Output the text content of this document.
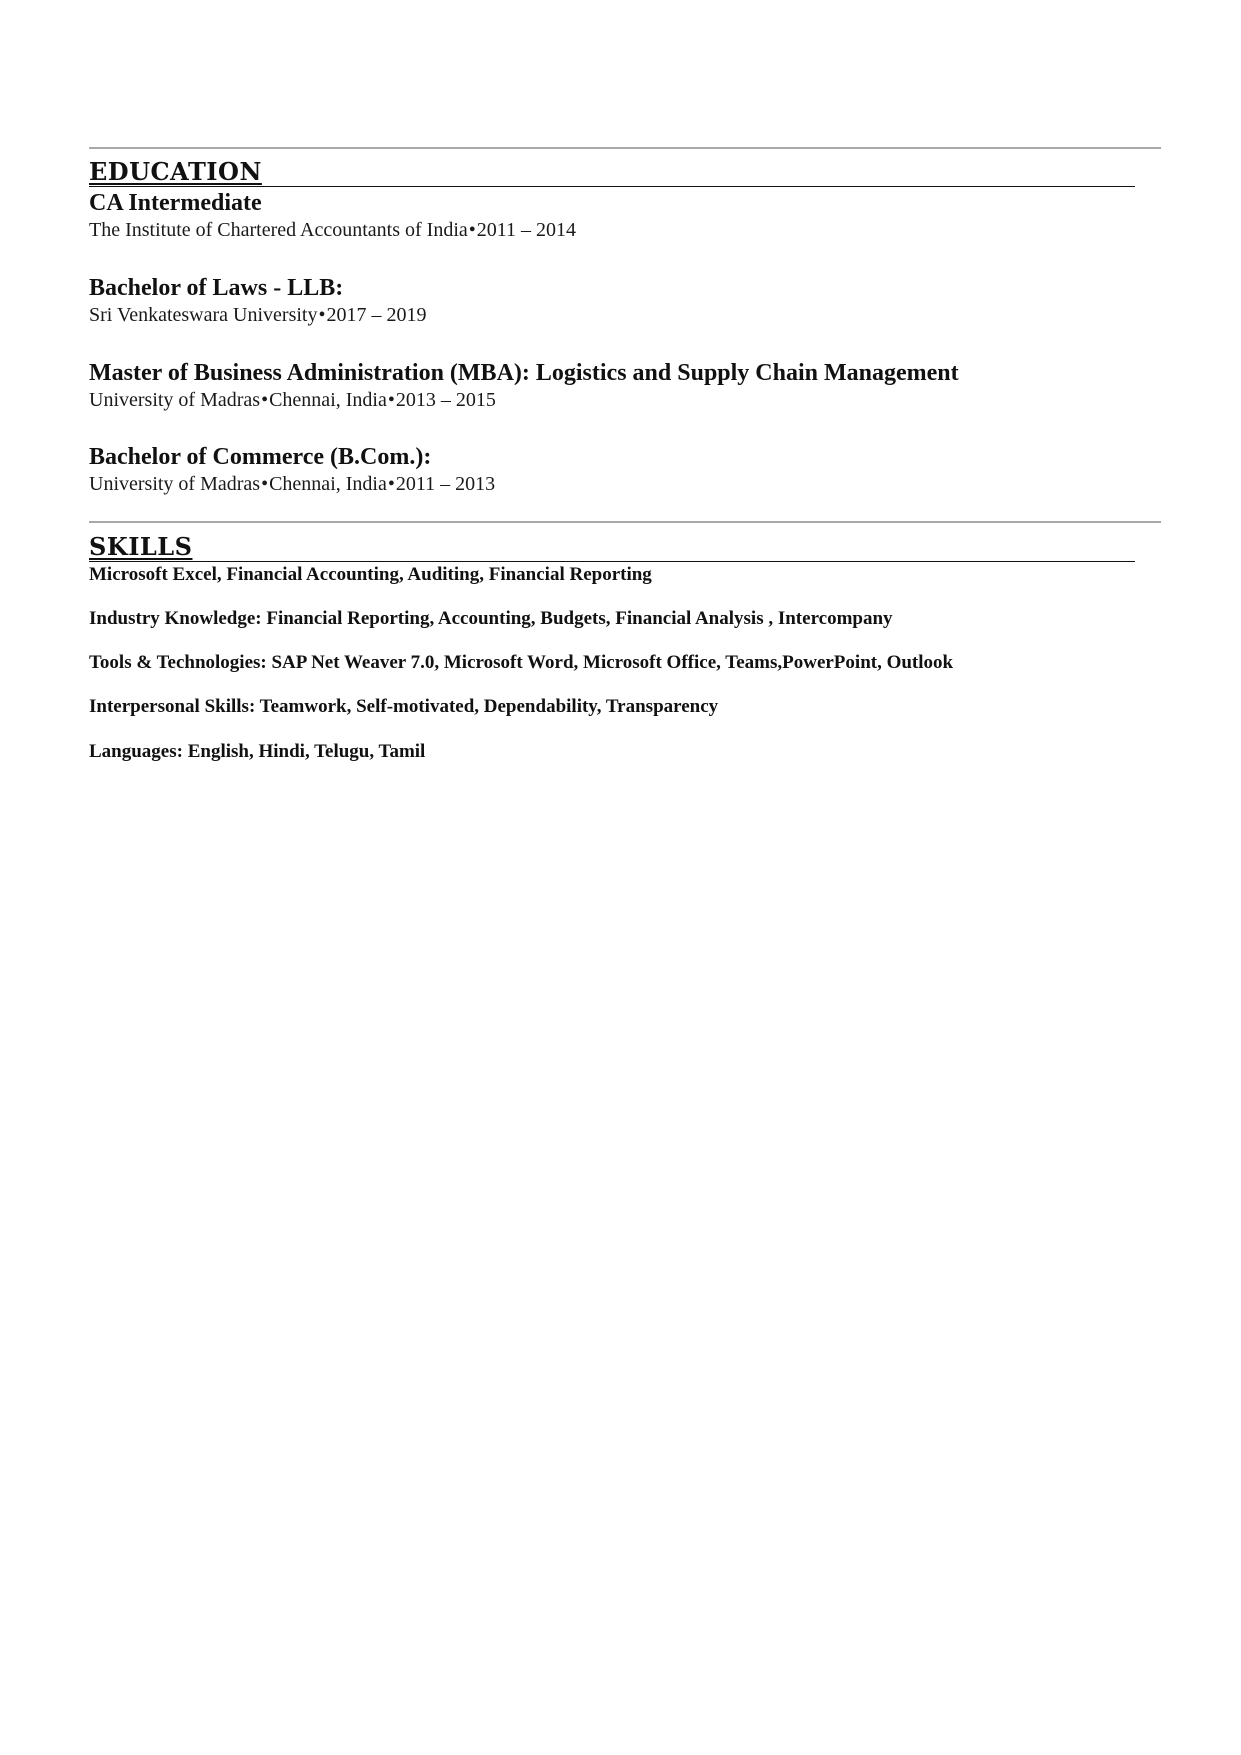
EDUCATION
CA Intermediate
The Institute of Chartered Accountants of India•2011 – 2014
Bachelor of Laws - LLB:
Sri Venkateswara University•2017 – 2019
Master of Business Administration (MBA): Logistics and Supply Chain Management
University of Madras•Chennai, India•2013 – 2015
Bachelor of Commerce (B.Com.):
University of Madras•Chennai, India•2011 – 2013
SKILLS
Microsoft Excel, Financial Accounting, Auditing, Financial Reporting
Industry Knowledge: Financial Reporting, Accounting, Budgets, Financial Analysis , Intercompany
Tools & Technologies: SAP Net Weaver 7.0, Microsoft Word, Microsoft Office, Teams,PowerPoint, Outlook
Interpersonal Skills: Teamwork, Self-motivated, Dependability, Transparency
Languages: English, Hindi, Telugu, Tamil
